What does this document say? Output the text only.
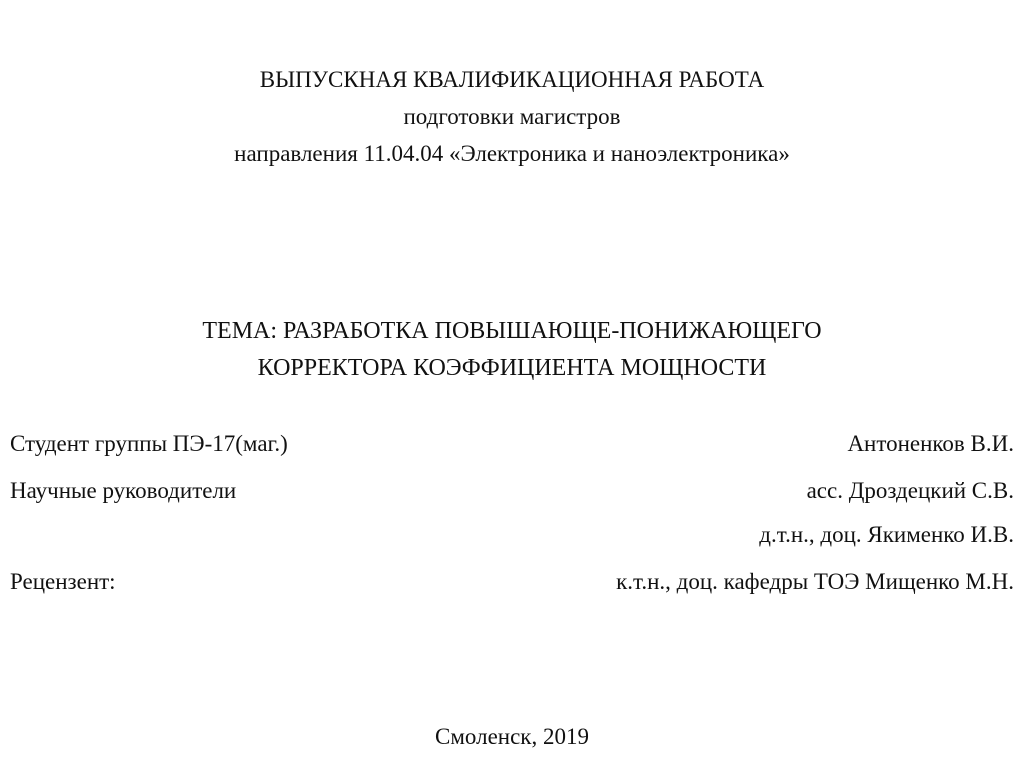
ВЫПУСКНАЯ КВАЛИФИКАЦИОННАЯ РАБОТА
подготовки магистров
направления 11.04.04 «Электроника и наноэлектроника»
ТЕМА: РАЗРАБОТКА ПОВЫШАЮЩЕ-ПОНИЖАЮЩЕГО
КОРРЕКТОРА КОЭФФИЦИЕНТА МОЩНОСТИ
Студент группы ПЭ-17(маг.)	Антоненков В.И.
Научные руководители	асс. Дроздецкий С.В.
д.т.н., доц. Якименко И.В.
Рецензент:	к.т.н., доц. кафедры ТОЭ Мищенко М.Н.
Смоленск, 2019
